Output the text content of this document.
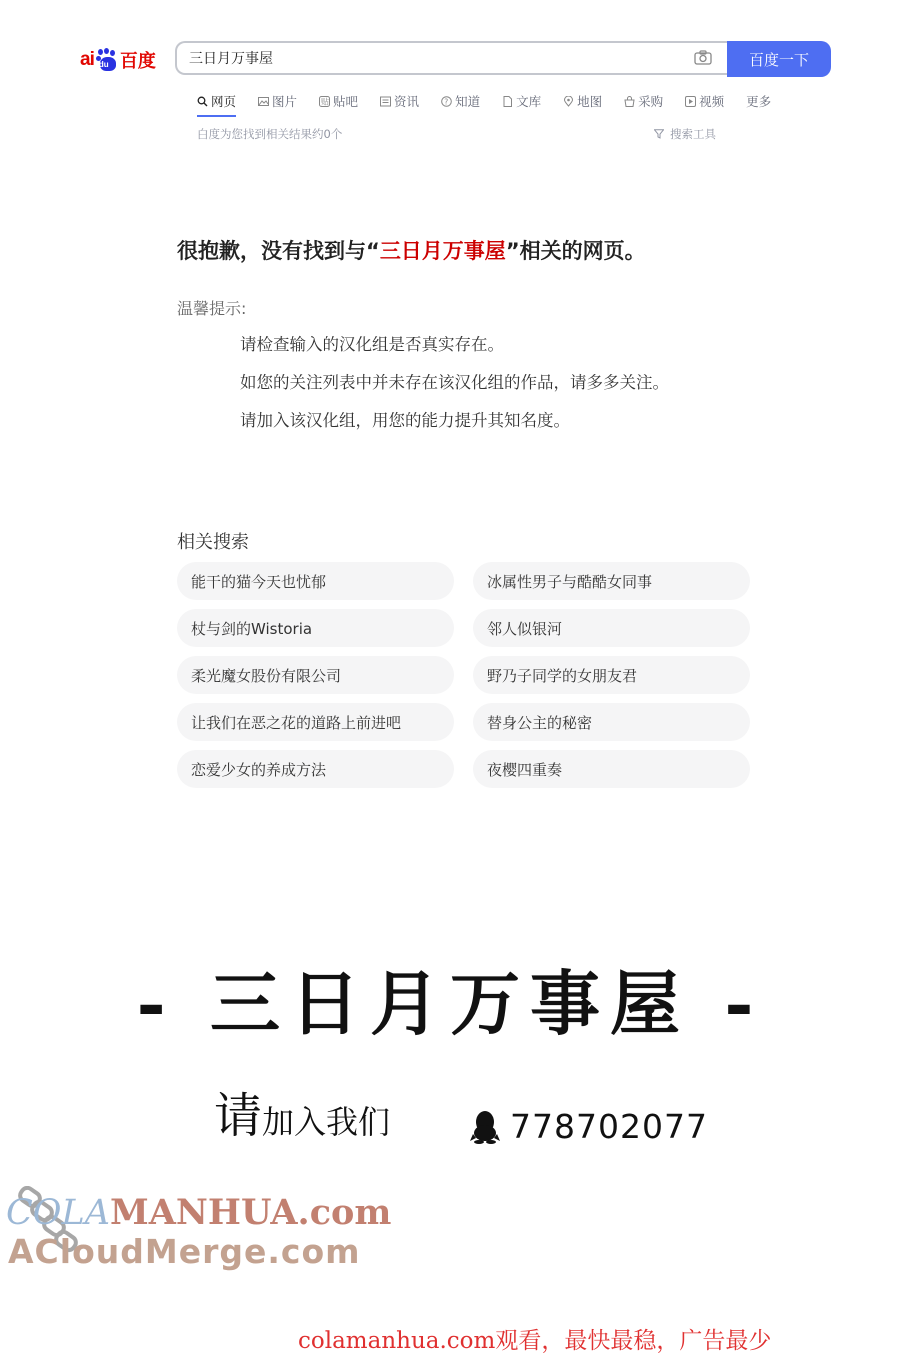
ai du 百度
三日月万事屋	百度一下
网页	图片	贴 贴吧	资讯	? 知道	文库	地图	采购	视频 更多
白度为您找到相关结果约0个	搜索工具
很抱歉，没有找到与“三日月万事屋”相关的网页。
温馨提示:
请检查输入的汉化组是否真实存在。
如您的关注列表中并未存在该汉化组的作品，请多多关注。
请加入该汉化组，用您的能力提升其知名度。
相关搜索
能干的猫今天也忧郁	冰属性男子与酷酷女同事
杖与剑的Wistoria	邻人似银河
柔光魔女股份有限公司	野乃子同学的女朋友君
让我们在恶之花的道路上前进吧	替身公主的秘密
恋爱少女的养成方法	夜樱四重奏
- 三日月万事屋 -
请 加入我们	778702077
COLAMANHUA.com
ACloudMerge.com
colamanhua.com观看，最快最稳，广告最少
